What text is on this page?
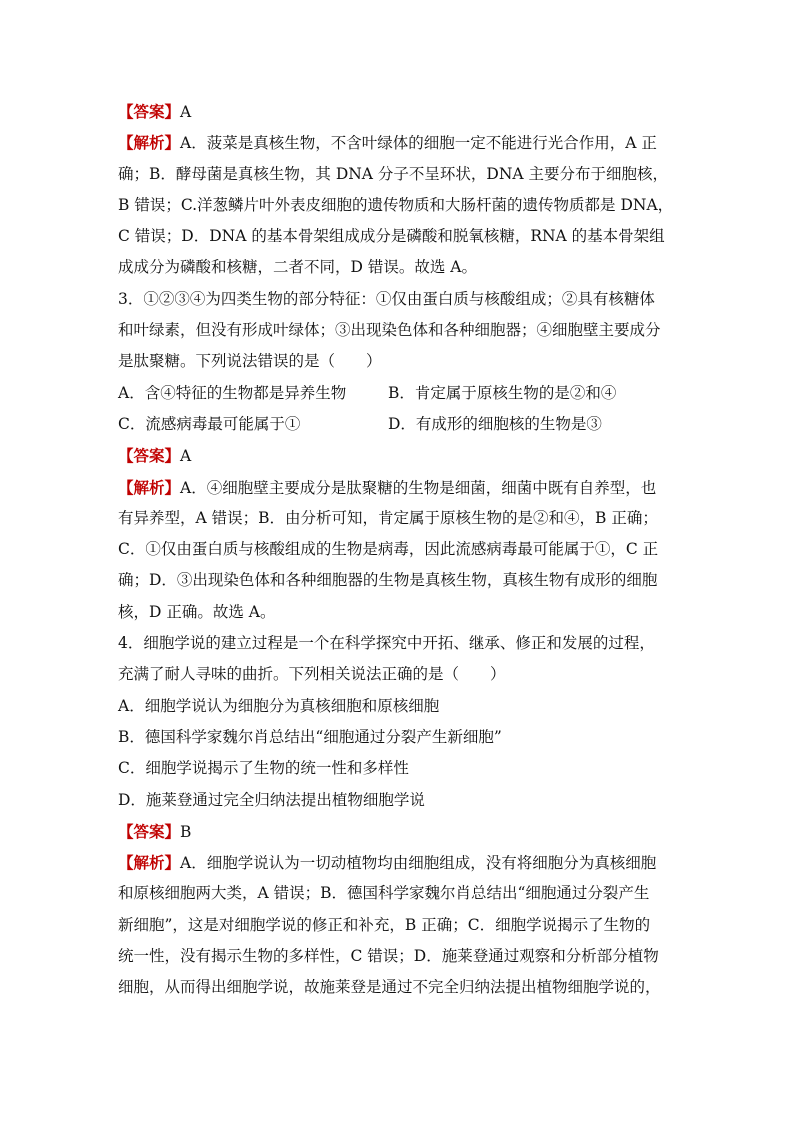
【答案】A
【解析】A．菠菜是真核生物，不含叶绿体的细胞一定不能进行光合作用，A 正
确；B．酵母菌是真核生物，其 DNA 分子不呈环状，DNA 主要分布于细胞核，
B 错误；C.洋葱鳞片叶外表皮细胞的遗传物质和大肠杆菌的遗传物质都是 DNA，
C 错误；D．DNA 的基本骨架组成成分是磷酸和脱氧核糖，RNA 的基本骨架组
成成分为磷酸和核糖，二者不同，D 错误。故选 A。
3．①②③④为四类生物的部分特征：①仅由蛋白质与核酸组成；②具有核糖体
和叶绿素，但没有形成叶绿体；③出现染色体和各种细胞器；④细胞壁主要成分
是肽聚糖。下列说法错误的是（　　）
A．含④特征的生物都是异养生物	B．肯定属于原核生物的是②和④
C．流感病毒最可能属于①	D．有成形的细胞核的生物是③
【答案】A
【解析】A．④细胞壁主要成分是肽聚糖的生物是细菌，细菌中既有自养型，也
有异养型，A 错误；B．由分析可知，肯定属于原核生物的是②和④，B 正确；
C．①仅由蛋白质与核酸组成的生物是病毒，因此流感病毒最可能属于①，C 正
确；D．③出现染色体和各种细胞器的生物是真核生物，真核生物有成形的细胞
核，D 正确。故选 A。
4．细胞学说的建立过程是一个在科学探究中开拓、继承、修正和发展的过程，
充满了耐人寻味的曲折。下列相关说法正确的是（　　）
A．细胞学说认为细胞分为真核细胞和原核细胞
B．德国科学家魏尔肖总结出“细胞通过分裂产生新细胞”
C．细胞学说揭示了生物的统一性和多样性
D．施莱登通过完全归纳法提出植物细胞学说
【答案】B
【解析】A．细胞学说认为一切动植物均由细胞组成，没有将细胞分为真核细胞
和原核细胞两大类，A 错误；B．德国科学家魏尔肖总结出“细胞通过分裂产生
新细胞”，这是对细胞学说的修正和补充，B 正确；C．细胞学说揭示了生物的
统一性，没有揭示生物的多样性，C 错误；D．施莱登通过观察和分析部分植物
细胞，从而得出细胞学说，故施莱登是通过不完全归纳法提出植物细胞学说的，
